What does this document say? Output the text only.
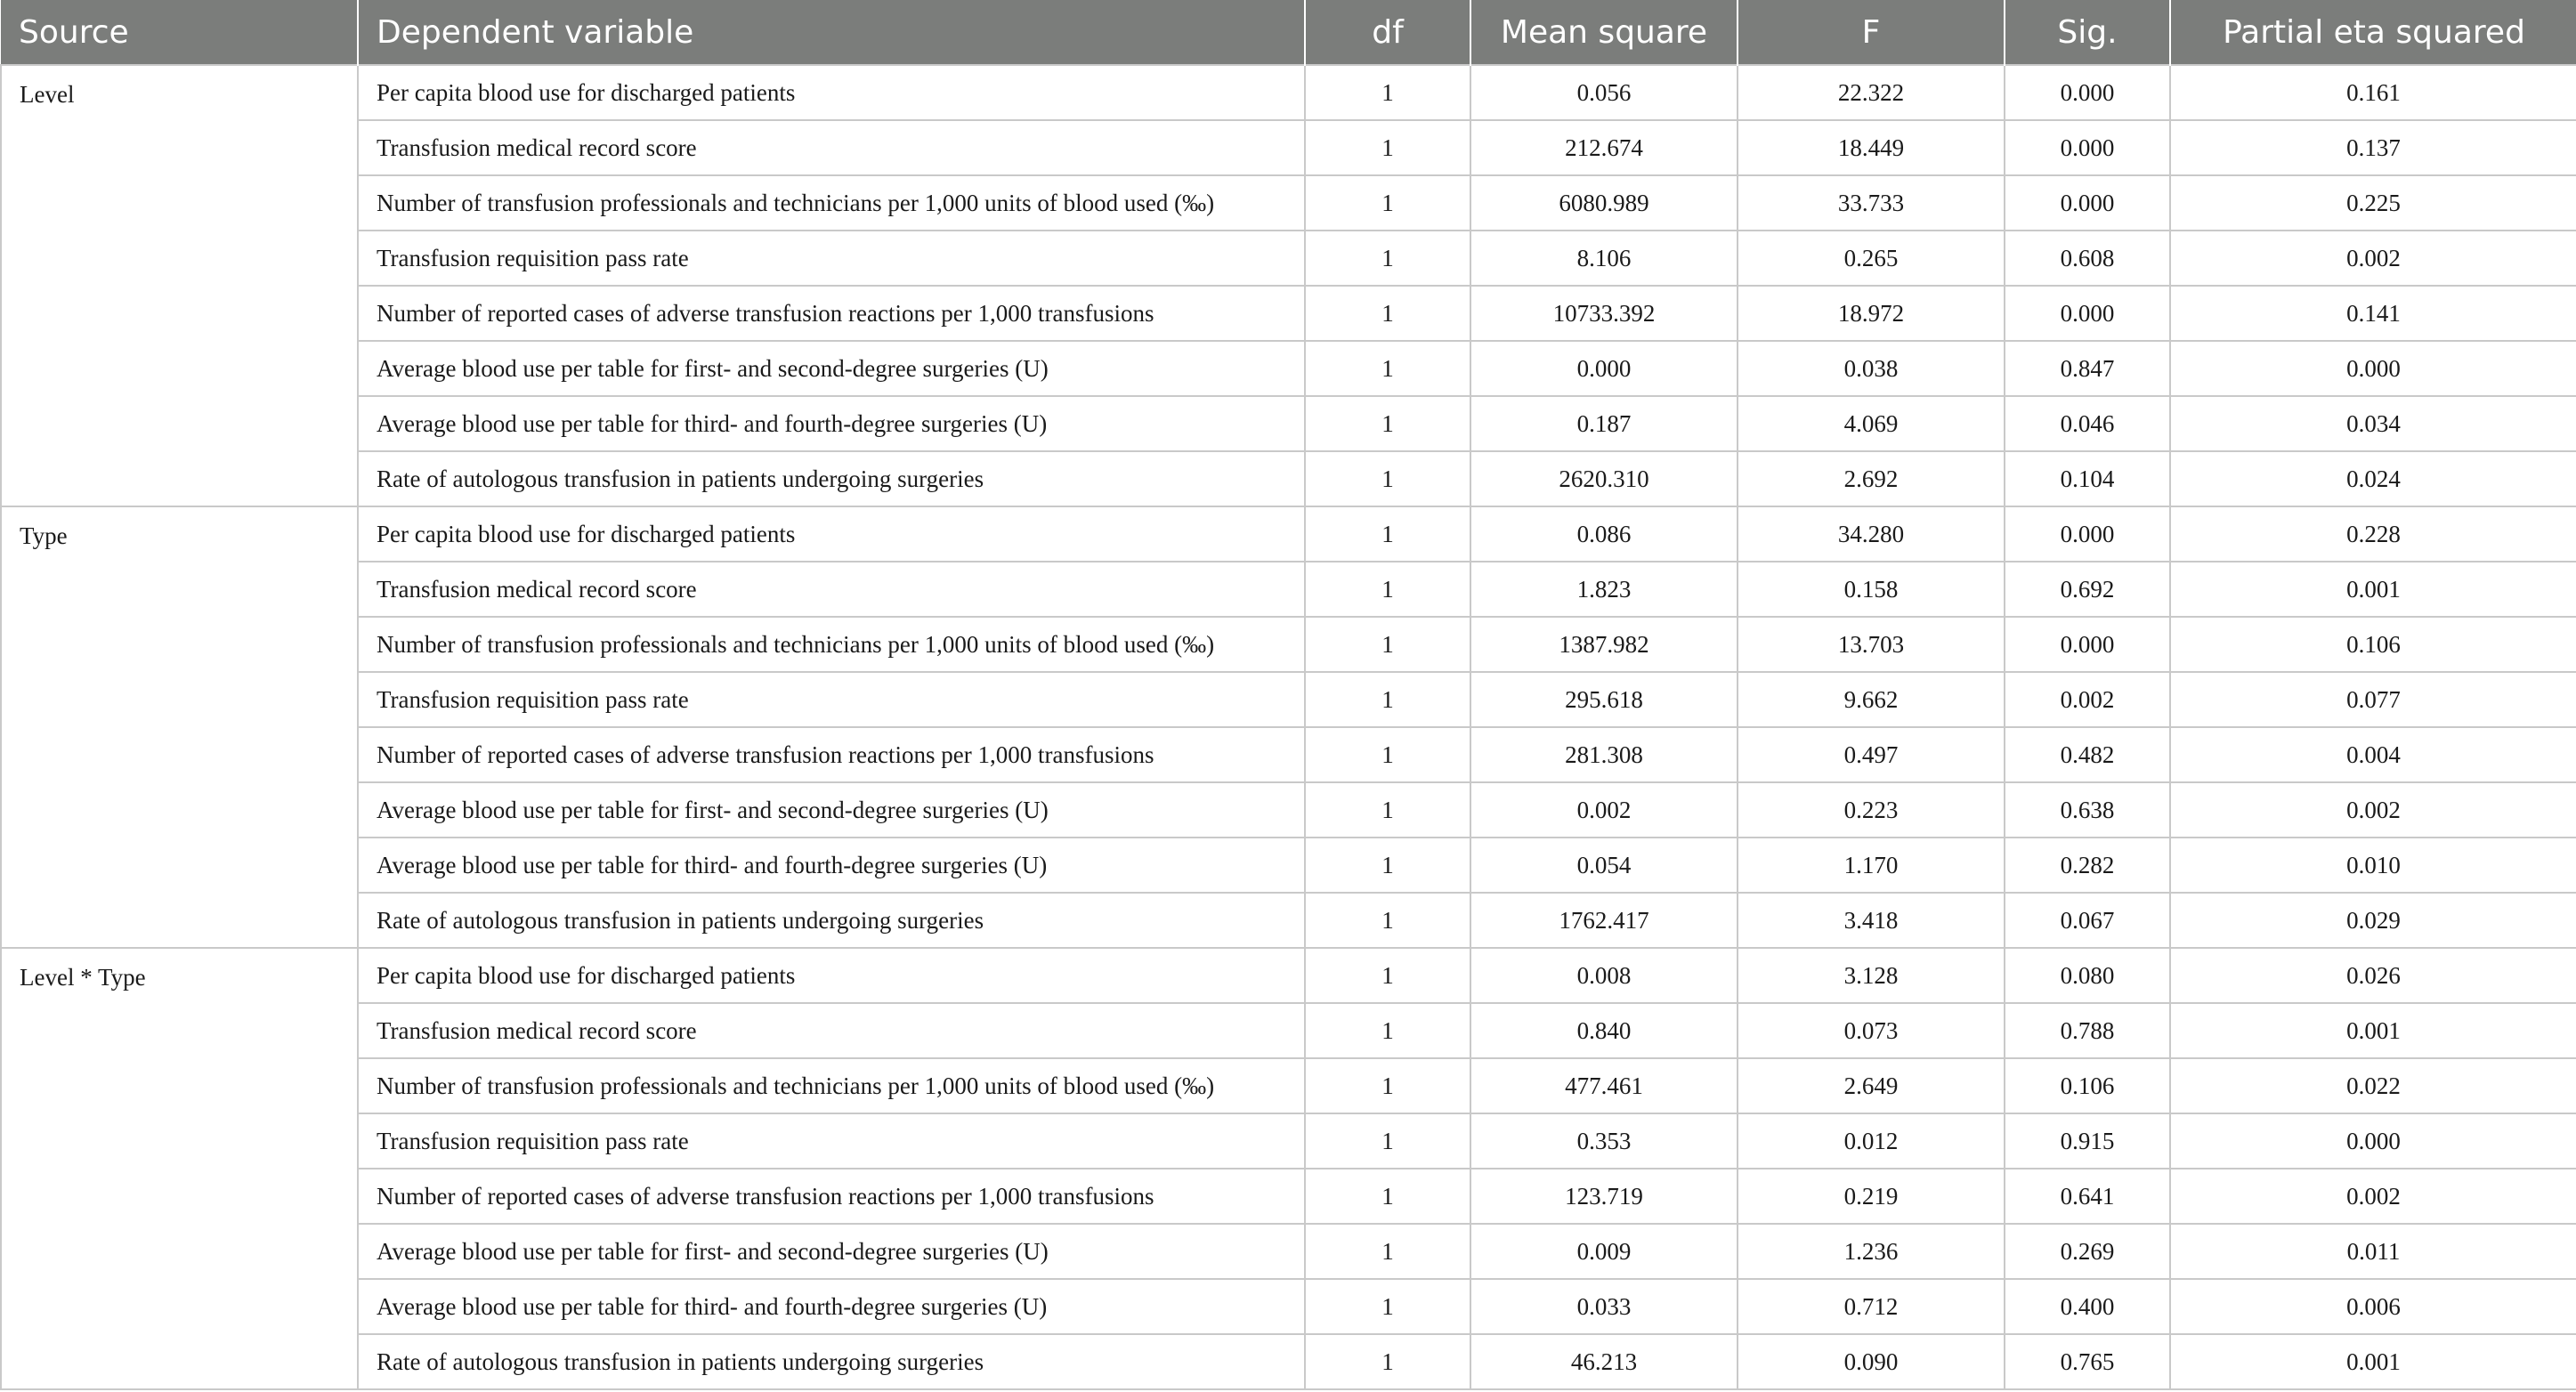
Source	Dependent variable	df	Mean square	F	Sig.	Partial eta squared
Level	Per capita blood use for discharged patients	1	0.056	22.322	0.000	0.161
	Transfusion medical record score	1	212.674	18.449	0.000	0.137
	Number of transfusion professionals and technicians per 1,000 units of blood used (‰)	1	6080.989	33.733	0.000	0.225
	Transfusion requisition pass rate	1	8.106	0.265	0.608	0.002
	Number of reported cases of adverse transfusion reactions per 1,000 transfusions	1	10733.392	18.972	0.000	0.141
	Average blood use per table for first- and second-degree surgeries (U)	1	0.000	0.038	0.847	0.000
	Average blood use per table for third- and fourth-degree surgeries (U)	1	0.187	4.069	0.046	0.034
	Rate of autologous transfusion in patients undergoing surgeries	1	2620.310	2.692	0.104	0.024
Type	Per capita blood use for discharged patients	1	0.086	34.280	0.000	0.228
	Transfusion medical record score	1	1.823	0.158	0.692	0.001
	Number of transfusion professionals and technicians per 1,000 units of blood used (‰)	1	1387.982	13.703	0.000	0.106
	Transfusion requisition pass rate	1	295.618	9.662	0.002	0.077
	Number of reported cases of adverse transfusion reactions per 1,000 transfusions	1	281.308	0.497	0.482	0.004
	Average blood use per table for first- and second-degree surgeries (U)	1	0.002	0.223	0.638	0.002
	Average blood use per table for third- and fourth-degree surgeries (U)	1	0.054	1.170	0.282	0.010
	Rate of autologous transfusion in patients undergoing surgeries	1	1762.417	3.418	0.067	0.029
Level * Type	Per capita blood use for discharged patients	1	0.008	3.128	0.080	0.026
	Transfusion medical record score	1	0.840	0.073	0.788	0.001
	Number of transfusion professionals and technicians per 1,000 units of blood used (‰)	1	477.461	2.649	0.106	0.022
	Transfusion requisition pass rate	1	0.353	0.012	0.915	0.000
	Number of reported cases of adverse transfusion reactions per 1,000 transfusions	1	123.719	0.219	0.641	0.002
	Average blood use per table for first- and second-degree surgeries (U)	1	0.009	1.236	0.269	0.011
	Average blood use per table for third- and fourth-degree surgeries (U)	1	0.033	0.712	0.400	0.006
	Rate of autologous transfusion in patients undergoing surgeries	1	46.213	0.090	0.765	0.001
